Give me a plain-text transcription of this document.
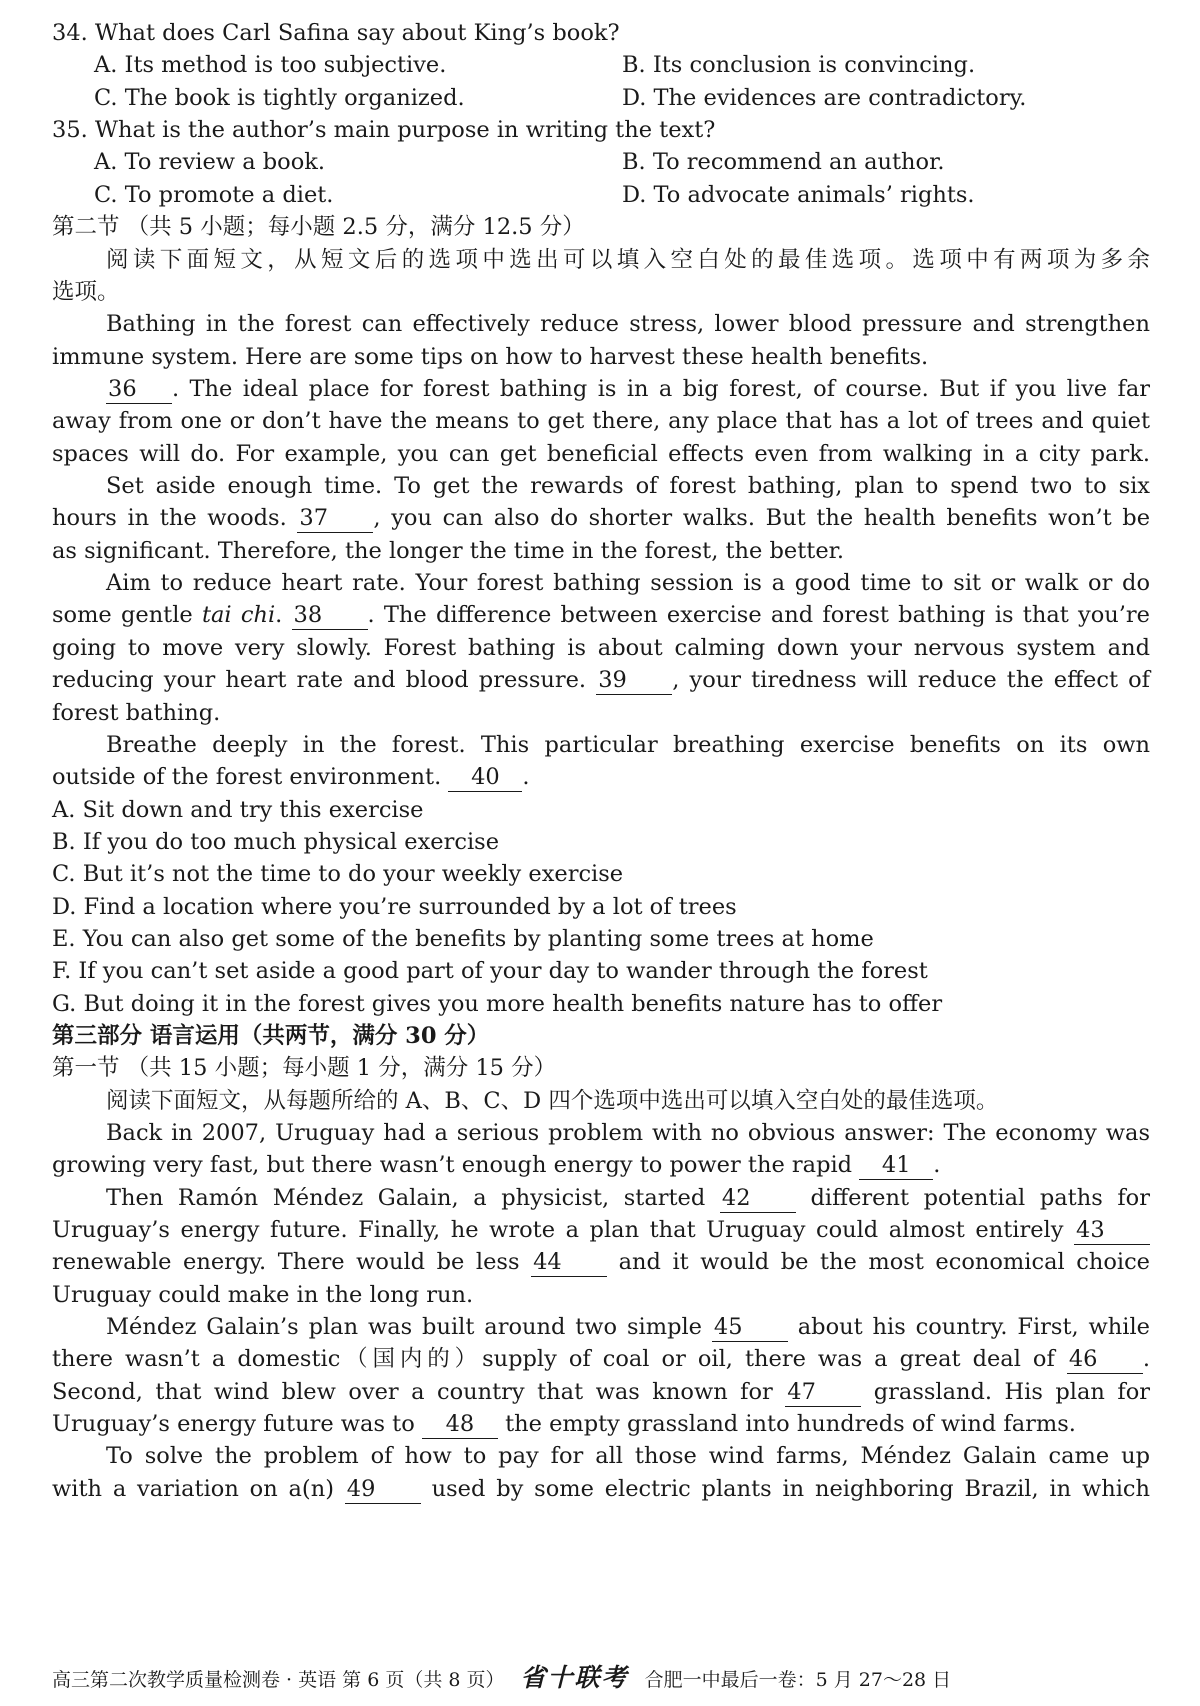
34. What does Carl Safina say about King’s book?
A. Its method is too subjective.	B. Its conclusion is convincing.
C. The book is tightly organized.	D. The evidences are contradictory.
35. What is the author’s main purpose in writing the text?
A. To review a book.	B. To recommend an author.
C. To promote a diet.	D. To advocate animals’ rights.
第二节 （共 5 小题；每小题 2.5 分，满分 12.5 分）
阅读下面短文，从短文后的选项中选出可以填入空白处的最佳选项。选项中有两项为多余
选项。
Bathing in the forest can effectively reduce stress, lower blood pressure and strengthen
immune system. Here are some tips on how to harvest these health benefits.
36 . The ideal place for forest bathing is in a big forest, of course. But if you live far
away from one or don’t have the means to get there, any place that has a lot of trees and quiet
spaces will do. For example, you can get beneficial effects even from walking in a city park.
Set aside enough time. To get the rewards of forest bathing, plan to spend two to six
hours in the woods. 37 , you can also do shorter walks. But the health benefits won’t be
as significant. Therefore, the longer the time in the forest, the better.
Aim to reduce heart rate. Your forest bathing session is a good time to sit or walk or do
some gentle tai chi. 38 . The difference between exercise and forest bathing is that you’re
going to move very slowly. Forest bathing is about calming down your nervous system and
reducing your heart rate and blood pressure. 39 , your tiredness will reduce the effect of
forest bathing.
Breathe deeply in the forest. This particular breathing exercise benefits on its own
outside of the forest environment. 40 .
A. Sit down and try this exercise
B. If you do too much physical exercise
C. But it’s not the time to do your weekly exercise
D. Find a location where you’re surrounded by a lot of trees
E. You can also get some of the benefits by planting some trees at home
F. If you can’t set aside a good part of your day to wander through the forest
G. But doing it in the forest gives you more health benefits nature has to offer
第三部分 语言运用（共两节，满分 30 分）
第一节 （共 15 小题；每小题 1 分，满分 15 分）
阅读下面短文，从每题所给的 A、B、C、D 四个选项中选出可以填入空白处的最佳选项。
Back in 2007, Uruguay had a serious problem with no obvious answer: The economy was
growing very fast, but there wasn’t enough energy to power the rapid 41 .
Then Ramón Méndez Galain, a physicist, started 42	different potential paths for
Uruguay’s energy future. Finally, he wrote a plan that Uruguay could almost entirely 43
renewable energy. There would be less 44	and it would be the most economical choice
Uruguay could make in the long run.
Méndez Galain’s plan was built around two simple 45 about his country. First, while
there wasn’t a domestic（国内的）supply of coal or oil, there was a great deal of 46 .
Second, that wind blew over a country that was known for 47	grassland. His plan for
Uruguay’s energy future was to 48 the empty grassland into hundreds of wind farms.
To solve the problem of how to pay for all those wind farms, Méndez Galain came up
with a variation on a(n) 49 used by some electric plants in neighboring Brazil, in which
高三第二次教学质量检测卷 · 英语 第 6 页（共 8 页） 省十联考 合肥一中最后一卷：5 月 27～28 日
